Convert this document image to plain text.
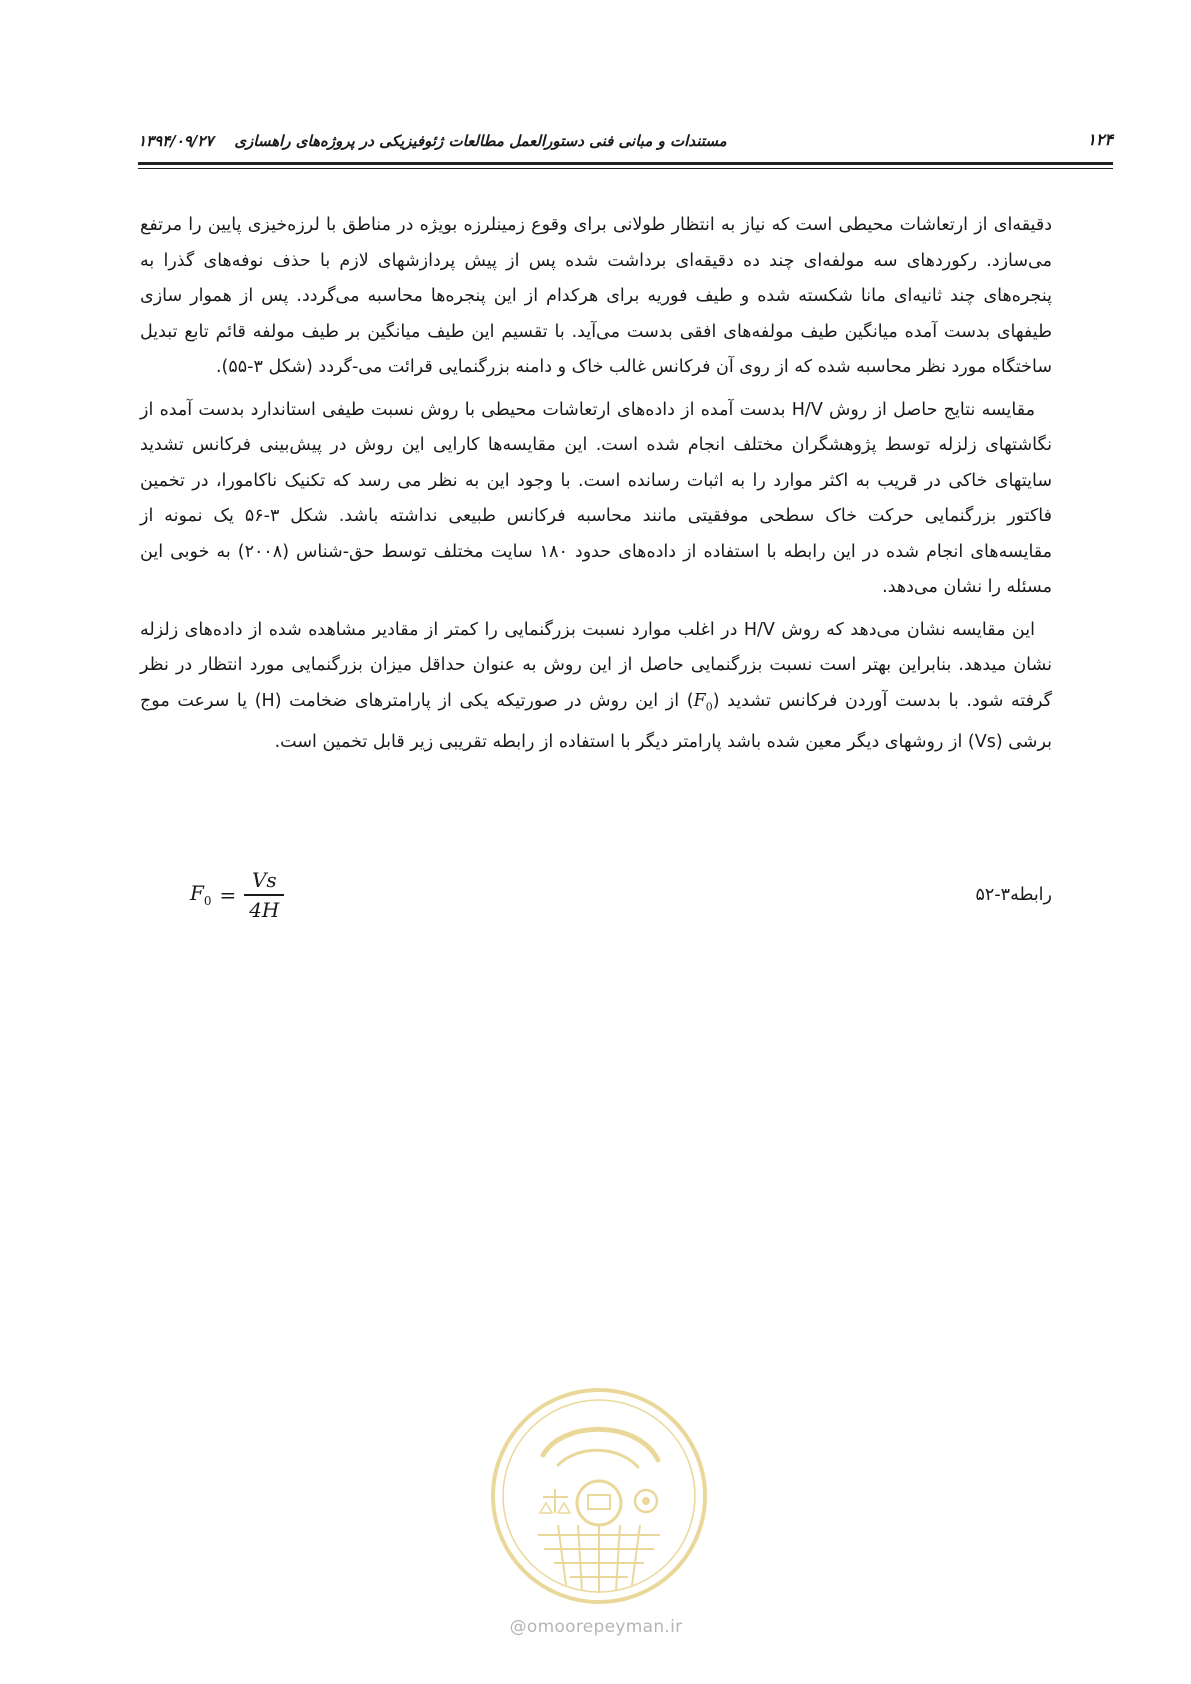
مستندات و مبانی فنی دستورالعمل مطالعات ژئوفیزیکی در پروژه‌های راهسازی    ۱۳۹۴/۰۹/۲۷	۱۲۴

دقیقه‌ای از ارتعاشات محیطی است که نیاز به انتظار طولانی برای وقوع زمینلرزه بویژه در مناطق با لرزه‌خیزی پایین را مرتفع می‌سازد. رکوردهای سه مولفه‌ای چند ده دقیقه‌ای برداشت شده پس از پیش پردازشهای لازم با حذف نوفه‌های گذرا به پنجره‌های چند ثانیه‌ای مانا شکسته شده و طیف فوریه برای هرکدام از این پنجره‌ها محاسبه می‌گردد. پس از هموار سازی طیفهای بدست آمده میانگین طیف مولفه‌های افقی بدست می‌آید. با تقسیم این طیف میانگین بر طیف مولفه قائم تابع تبدیل ساختگاه مورد نظر محاسبه شده که از روی آن فرکانس غالب خاک و دامنه بزرگنمایی قرائت می-گردد (شکل ۳-۵۵).

مقایسه نتایج حاصل از روش H/V بدست آمده از داده‌های ارتعاشات محیطی با روش نسبت طیفی استاندارد بدست آمده از نگاشتهای زلزله توسط پژوهشگران مختلف انجام شده است. این مقایسه‌ها کارایی این روش در پیش‌بینی فرکانس تشدید سایتهای خاکی در قریب به اکثر موارد را به اثبات رسانده است. با وجود این به نظر می رسد که تکنیک ناکامورا، در تخمین فاکتور بزرگنمایی حرکت خاک سطحی موفقیتی مانند محاسبه فرکانس طبیعی نداشته باشد. شکل ۳-۵۶ یک نمونه از مقایسه‌های انجام شده در این رابطه با استفاده از داده‌های حدود ۱۸۰ سایت مختلف توسط حق-شناس (۲۰۰۸) به خوبی این مسئله را نشان می‌دهد.

این مقایسه نشان می‌دهد که روش H/V در اغلب موارد نسبت بزرگنمایی را کمتر از مقادیر مشاهده شده از داده‌های زلزله نشان میدهد. بنابراین بهتر است نسبت بزرگنمایی حاصل از این روش به عنوان حداقل میزان بزرگنمایی مورد انتظار در نظر گرفته شود. با بدست آوردن فرکانس تشدید $(F_0)$ از این روش در صورتیکه یکی از پارامترهای ضخامت (H) یا سرعت موج برشی (Vs) از روشهای دیگر معین شده باشد پارامتر دیگر با استفاده از رابطه تقریبی زیر قابل تخمین است.

$F_0 = \frac{Vs}{4H}$	رابطه۳-۵۲
@omoorepeyman.ir
